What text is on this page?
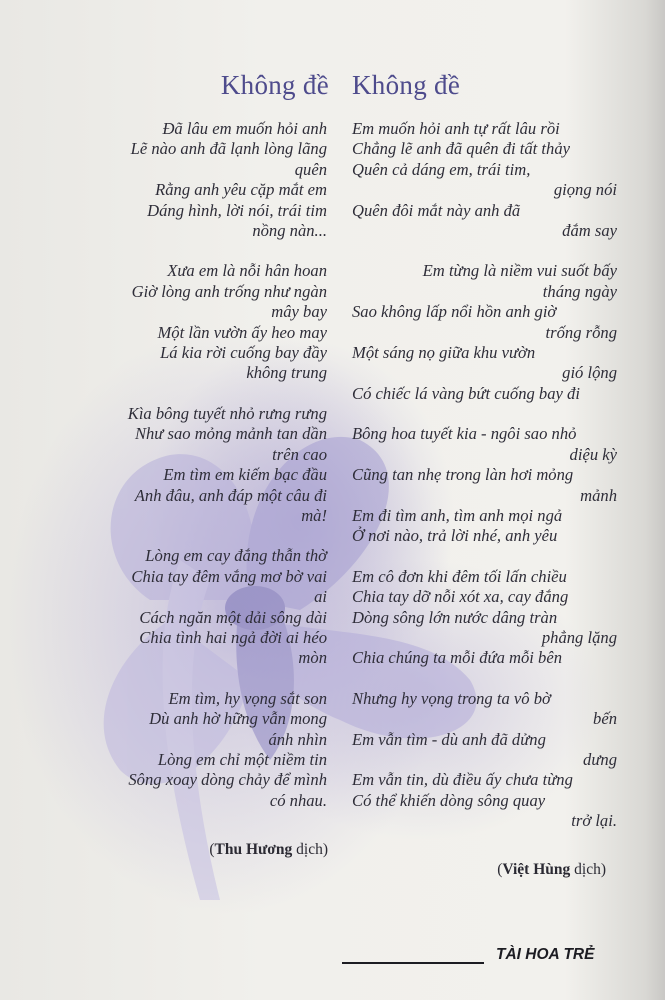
Không đề Không đề
Đã lâu em muốn hỏi anh
Lẽ nào anh đã lạnh lòng lãng
quên
Rằng anh yêu cặp mắt em
Dáng hình, lời nói, trái tim
nồng nàn...
Xưa em là nỗi hân hoan
Giờ lòng anh trống như ngàn
mây bay
Một lần vườn ấy heo may
Lá kia rời cuống bay đầy
không trung
Kìa bông tuyết nhỏ rưng rưng
Như sao mỏng mảnh tan dần
trên cao
Em tìm em kiếm bạc đầu
Anh đâu, anh đáp một câu đi
mà!
Lòng em cay đắng thẫn thờ
Chia tay đêm vắng mơ bờ vai
ai
Cách ngăn một dải sông dài
Chia tình hai ngả đời ai héo
mòn
Em tìm, hy vọng sắt son
Dù anh hờ hững vẫn mong
ánh nhìn
Lòng em chỉ một niềm tin
Sông xoay dòng chảy để mình
có nhau.
Em muốn hỏi anh tự rất lâu rồi
Chẳng lẽ anh đã quên đi tất thảy
Quên cả dáng em, trái tim,
giọng nói
Quên đôi mắt này anh đã
đắm say
Em từng là niềm vui suốt bấy
tháng ngày
Sao không lấp nổi hồn anh giờ
trống rỗng
Một sáng nọ giữa khu vườn
gió lộng
Có chiếc lá vàng bứt cuống bay đi
Bông hoa tuyết kia - ngôi sao nhỏ
diệu kỳ
Cũng tan nhẹ trong làn hơi mỏng
mảnh
Em đi tìm anh, tìm anh mọi ngả
Ở nơi nào, trả lời nhé, anh yêu
Em cô đơn khi đêm tối lấn chiều
Chia tay dỡ nỗi xót xa, cay đắng
Dòng sông lớn nước dâng tràn
phẳng lặng
Chia chúng ta mỗi đứa mỗi bên
Nhưng hy vọng trong ta vô bờ
bến
Em vẫn tìm - dù anh đã dửng
dưng
Em vẫn tin, dù điều ấy chưa từng
Có thể khiến dòng sông quay
trở lại.
(Thu Hương dịch)
(Việt Hùng dịch)
TÀI HOA TRẺ
